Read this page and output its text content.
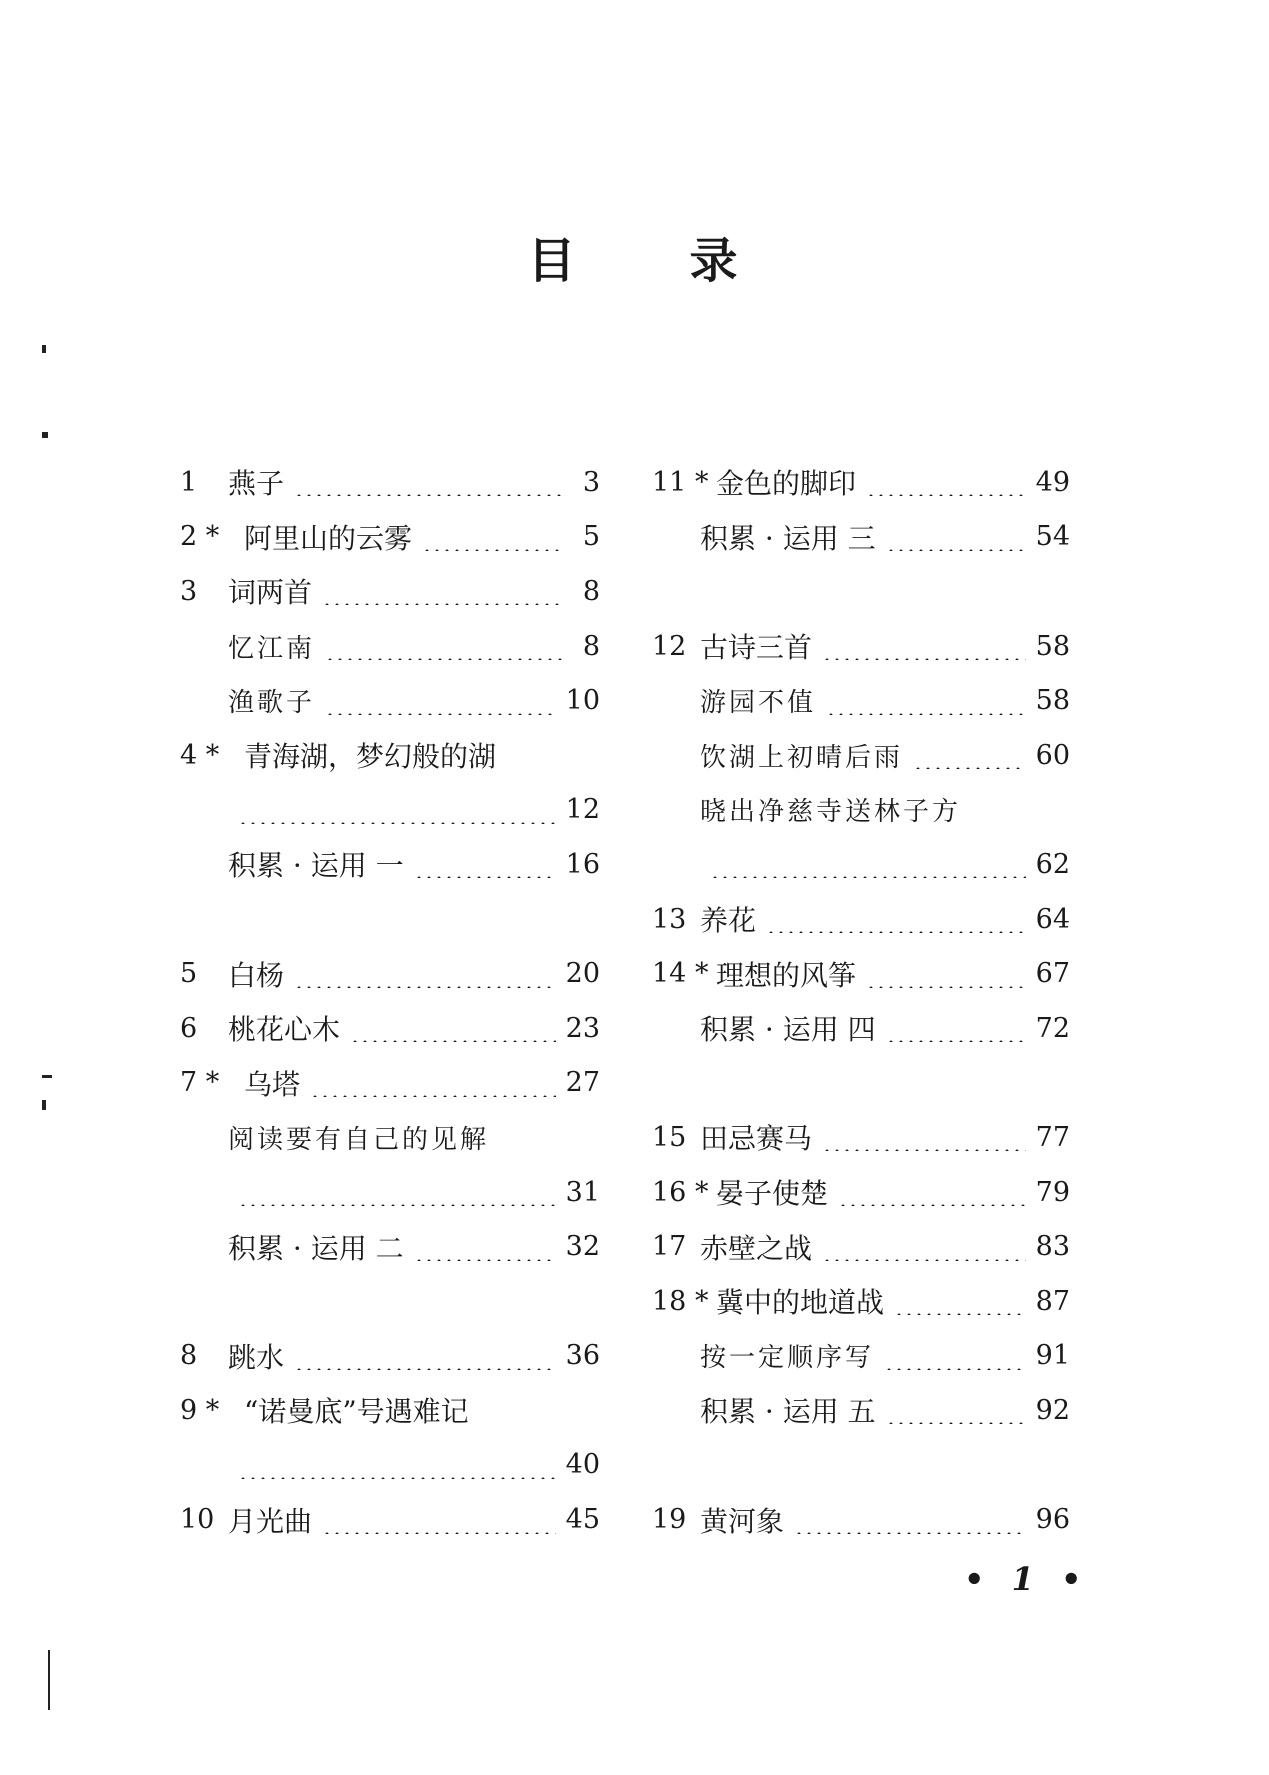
目 录
1	燕子	3
2 * 阿里山的云雾	5
3	词两首	8
忆江南	8
渔歌子	10
4 * 青海湖，梦幻般的湖
12
积累 · 运用 一	16
5	白杨	20
6	桃花心木	23
7 * 乌塔	27
阅读要有自己的见解
31
积累 · 运用 二	32
8	跳水	36
9 * “诺曼底”号遇难记
40
10 月光曲	45
11 * 金色的脚印	49
积累 · 运用 三	54
12 古诗三首	58
游园不值	58
饮湖上初晴后雨	60
晓出净慈寺送林子方
62
13 养花	64
14 * 理想的风筝	67
积累 · 运用 四	72
15 田忌赛马	77
16 * 晏子使楚	79
17 赤壁之战	83
18 * 冀中的地道战	87
按一定顺序写	91
积累 · 运用 五	92
19 黄河象	96
• 1 •
